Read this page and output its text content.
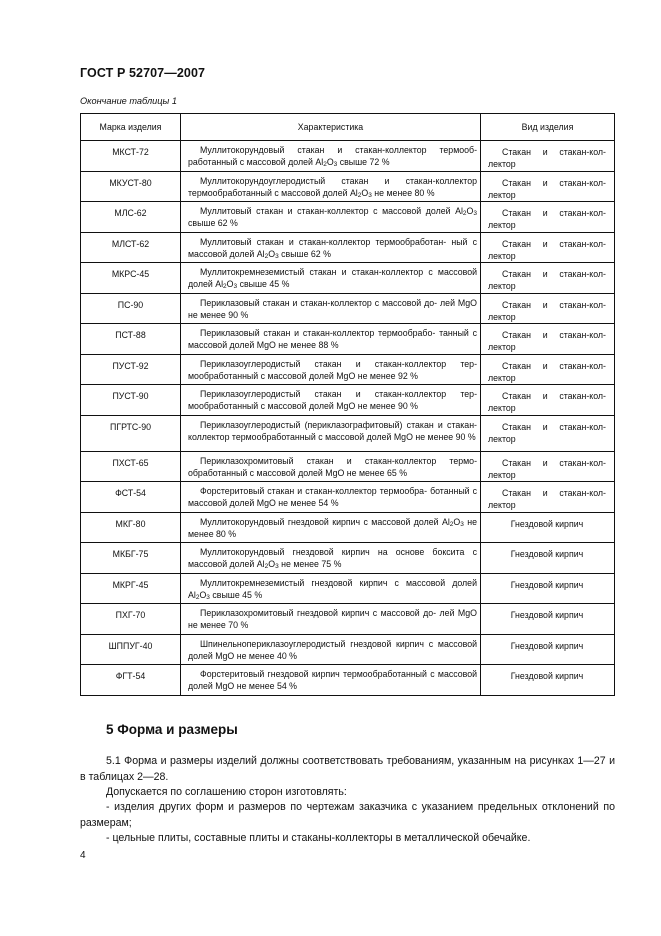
ГОСТ Р 52707—2007
Окончание таблицы 1
Марка изделия	Характеристика	Вид изделия
МКСТ-72	Муллитокорундовый стакан и стакан-коллектор термооб- работанный с массовой долей $Al_2O_3$ свыше 72 %	Стакан и стакан-кол-
лектор

МКУСТ-80	Муллитокорундоуглеродистый стакан и стакан-коллектор термообработанный с массовой долей $Al_2O_3$ не менее 80 %	Стакан и стакан-кол-
лектор

МЛС-62	Муллитовый стакан и стакан-коллектор с массовой долей $Al_2O_3$ свыше 62 %	Стакан и стакан-кол-
лектор

МЛСТ-62	Муллитовый стакан и стакан-коллектор термообработан- ный с массовой долей $Al_2O_3$ свыше 62 %	Стакан и стакан-кол-
лектор

МКРС-45	Муллитокремнеземистый стакан и стакан-коллектор с массовой долей $Al_2O_3$ свыше 45 %	Стакан и стакан-кол-
лектор

ПС-90	Периклазовый стакан и стакан-коллектор с массовой до- лей MgO не менее 90 %	Стакан и стакан-кол-
лектор

ПСТ-88	Периклазовый стакан и стакан-коллектор термообрабо- танный с массовой долей MgO не менее 88 %	Стакан и стакан-кол-
лектор

ПУСТ-92	Периклазоуглеродистый стакан и стакан-коллектор тер- мообработанный с массовой долей MgO не менее 92 %	Стакан и стакан-кол-
лектор

ПУСТ-90	Периклазоуглеродистый стакан и стакан-коллектор тер- мообработанный с массовой долей MgO не менее 90 %	Стакан и стакан-кол-
лектор

ПГРТС-90	Периклазоуглеродистый (периклазографитовый) стакан и стакан-коллектор термообработанный с массовой долей MgO не менее 90 %	Стакан и стакан-кол-
лектор

ПХСТ-65	Периклазохромитовый стакан и стакан-коллектор термо- обработанный с массовой долей MgO не менее 65 %	Стакан и стакан-кол-
лектор

ФСТ-54	Форстеритовый стакан и стакан-коллектор термообра- ботанный с массовой долей MgO не менее 54 %	Стакан и стакан-кол-
лектор

МКГ-80	Муллитокорундовый гнездовой кирпич с массовой долей $Al_2O_3$ не менее 80 %	Гнездовой кирпич

МКБГ-75	Муллитокорундовый гнездовой кирпич на основе боксита с массовой долей $Al_2O_3$ не менее 75 %	Гнездовой кирпич

МКРГ-45	Муллитокремнеземистый гнездовой кирпич с массовой долей $Al_2O_3$ свыше 45 %	Гнездовой кирпич

ПХГ-70	Периклазохромитовый гнездовой кирпич с массовой до- лей MgO не менее 70 %	Гнездовой кирпич

ШППУГ-40	Шпинельнопериклазоуглеродистый гнездовой кирпич с массовой долей MgO не менее 40 %	Гнездовой кирпич

ФГТ-54	Форстеритовый гнездовой кирпич термообработанный с массовой долей MgO не менее 54 %	Гнездовой кирпич
5 Форма и размеры
5.1 Форма и размеры изделий должны соответствовать требованиям, указанным на рисунках 1—27 и в таблицах 2—28.
Допускается по соглашению сторон изготовлять:
- изделия других форм и размеров по чертежам заказчика с указанием предельных отклонений по размерам;
- цельные плиты, составные плиты и стаканы-коллекторы в металлической обечайке.
4
